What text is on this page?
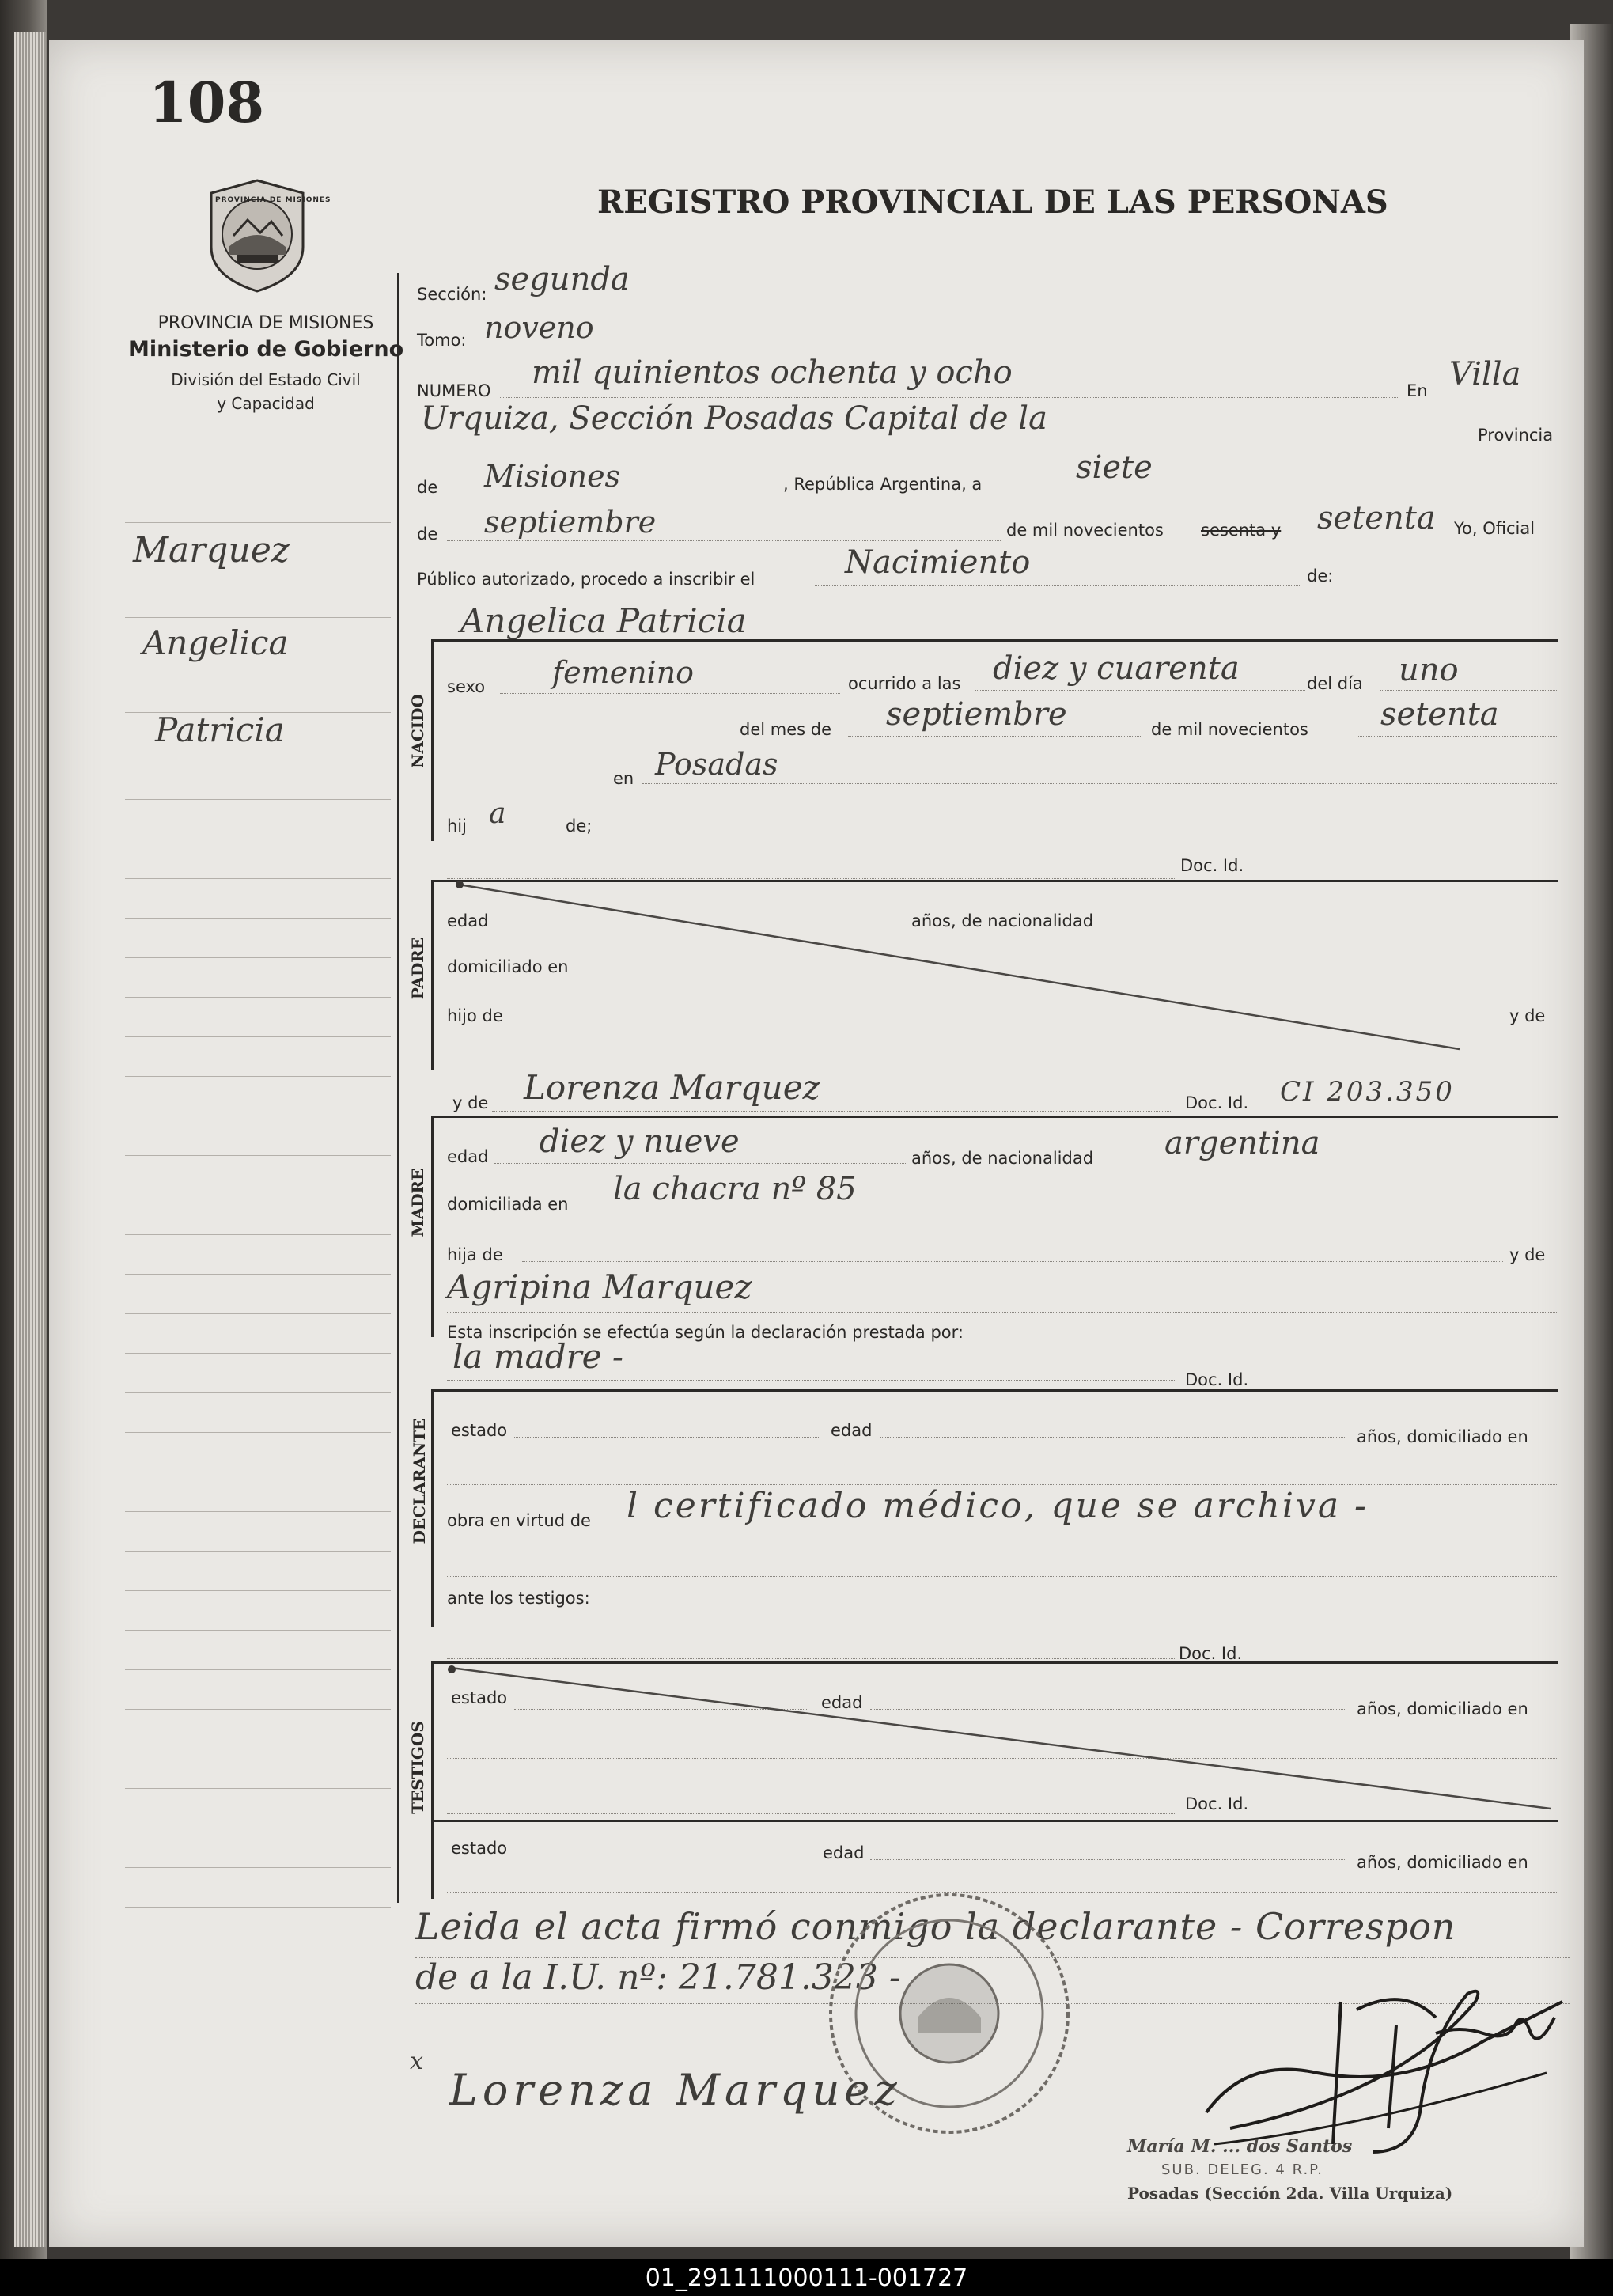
108
REGISTRO PROVINCIAL DE LAS PERSONAS
PROVINCIA DE MISIONES
PROVINCIA DE MISIONES
Ministerio de Gobierno
División del Estado Civil
y Capacidad
Marquez
Angelica
Patricia
Sección: segunda
Tomo: noveno
NUMERO mil quinientos ochenta y ocho	En Villa
Urquiza, Sección Posadas Capital de la	Provincia
de Misiones	, República Argentina, a	siete
de septiembre	de mil novecientos sesenta y setenta Yo, Oficial
Público autorizado, procedo a inscribir el	Nacimiento	de:
Angelica Patricia
NACIDO
sexo femenino	ocurrido a las diez y cuarenta	del día uno
del mes de septiembre	de mil novecientos setenta
en Posadas
hij a	de;
Doc. Id.
PADRE
edad	años, de nacionalidad
domiciliado en
hijo de	y de
y de Lorenza Marquez	Doc. Id. CI 203.350
MADRE
edad diez y nueve	años, de nacionalidad argentina
domiciliada en la chacra nº 85
hija de	y de
Agripina Marquez
Esta inscripción se efectúa según la declaración prestada por:
la madre -
Doc. Id.
DECLARANTE estado	edad	años, domiciliado en
obra en virtud de l certificado médico, que se archiva -
ante los testigos:
Doc. Id.
TESTIGOS
estado	edad	años, domiciliado en
Doc. Id.
estado	edad	años, domiciliado en
Leida el acta firmó conmigo la declarante - Correspon
de a la I.U. nº: 21.781.323 -
x
Lorenza Marquez
María M. ... dos Santos
SUB. DELEG. 4 R.P.
Posadas (Sección 2da. Villa Urquiza)
01_291111000111-001727
